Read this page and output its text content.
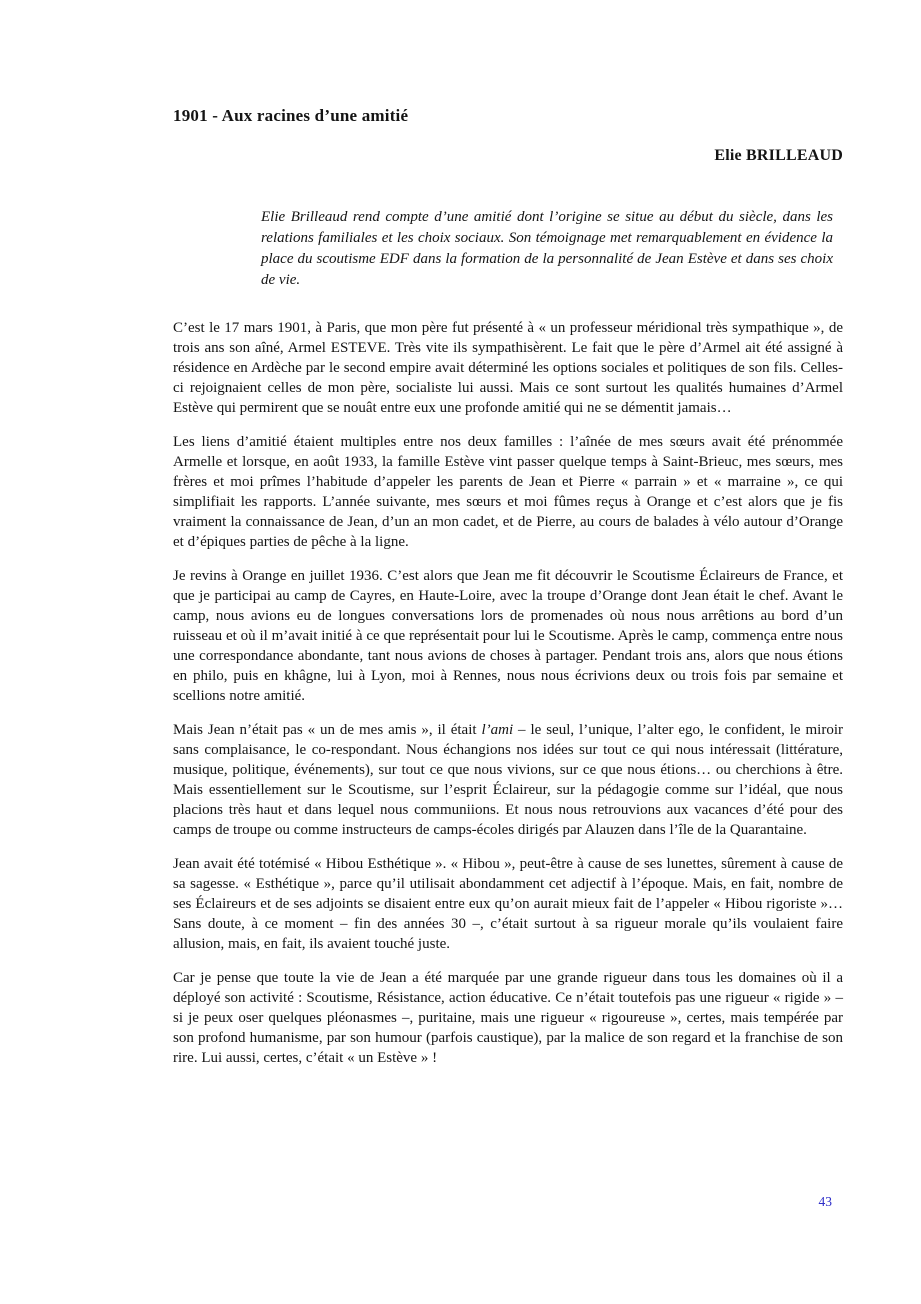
1901 - Aux racines d’une amitié
Elie BRILLEAUD
Elie Brilleaud rend compte d’une amitié dont l’origine se situe au début du siècle, dans les relations familiales et les choix sociaux. Son témoignage met remarquablement en évidence la place du scoutisme EDF dans la formation de la personnalité de Jean Estève et dans ses choix de vie.

C’est le 17 mars 1901, à Paris, que mon père fut présenté à « un professeur méridional très sympathique », de trois ans son aîné, Armel ESTEVE. Très vite ils sympathisèrent. Le fait que le père d’Armel ait été assigné à résidence en Ardèche par le second empire avait déterminé les options sociales et politiques de son fils. Celles-ci rejoignaient celles de mon père, socialiste lui aussi. Mais ce sont surtout les qualités humaines d’Armel Estève qui permirent que se nouât entre eux une profonde amitié qui ne se démentit jamais…

Les liens d’amitié étaient multiples entre nos deux familles : l’aînée de mes sœurs avait été prénommée Armelle et lorsque, en août 1933, la famille Estève vint passer quelque temps à Saint-Brieuc, mes sœurs, mes frères et moi prîmes l’habitude d’appeler les parents de Jean et Pierre « parrain » et « marraine », ce qui simplifiait les rapports. L’année suivante, mes sœurs et moi fûmes reçus à Orange et c’est alors que je fis vraiment la connaissance de Jean, d’un an mon cadet, et de Pierre, au cours de balades à vélo autour d’Orange et d’épiques parties de pêche à la ligne.

Je revins à Orange en juillet 1936. C’est alors que Jean me fit découvrir le Scoutisme Éclaireurs de France, et que je participai au camp de Cayres, en Haute-Loire, avec la troupe d’Orange dont Jean était le chef. Avant le camp, nous avions eu de longues conversations lors de promenades où nous nous arrêtions au bord d’un ruisseau et où il m’avait initié à ce que représentait pour lui le Scoutisme. Après le camp, commença entre nous une correspondance abondante, tant nous avions de choses à partager. Pendant trois ans, alors que nous étions en philo, puis en khâgne, lui à Lyon, moi à Rennes, nous nous écrivions deux ou trois fois par semaine et scellions notre amitié.

Mais Jean n’était pas « un de mes amis », il était l’ami – le seul, l’unique, l’alter ego, le confident, le miroir sans complaisance, le co-respondant. Nous échangions nos idées sur tout ce qui nous intéressait (littérature, musique, politique, événements), sur tout ce que nous vivions, sur ce que nous étions… ou cherchions à être. Mais essentiellement sur le Scoutisme, sur l’esprit Éclaireur, sur la pédagogie comme sur l’idéal, que nous placions très haut et dans lequel nous communiions. Et nous nous retrouvions aux vacances d’été pour des camps de troupe ou comme instructeurs de camps-écoles dirigés par Alauzen dans l’île de la Quarantaine.

Jean avait été totémisé « Hibou Esthétique ». « Hibou », peut-être à cause de ses lunettes, sûrement à cause de sa sagesse. « Esthétique », parce qu’il utilisait abondamment cet adjectif à l’époque. Mais, en fait, nombre de ses Éclaireurs et de ses adjoints se disaient entre eux qu’on aurait mieux fait de l’appeler « Hibou rigoriste »… Sans doute, à ce moment – fin des années 30 –, c’était surtout à sa rigueur morale qu’ils voulaient faire allusion, mais, en fait, ils avaient touché juste.

Car je pense que toute la vie de Jean a été marquée par une grande rigueur dans tous les domaines où il a déployé son activité : Scoutisme, Résistance, action éducative. Ce n’était toutefois pas une rigueur « rigide » – si je peux oser quelques pléonasmes –, puritaine, mais une rigueur « rigoureuse », certes, mais tempérée par son profond humanisme, par son humour (parfois caustique), par la malice de son regard et la franchise de son rire. Lui aussi, certes, c’était « un Estève » !

43
